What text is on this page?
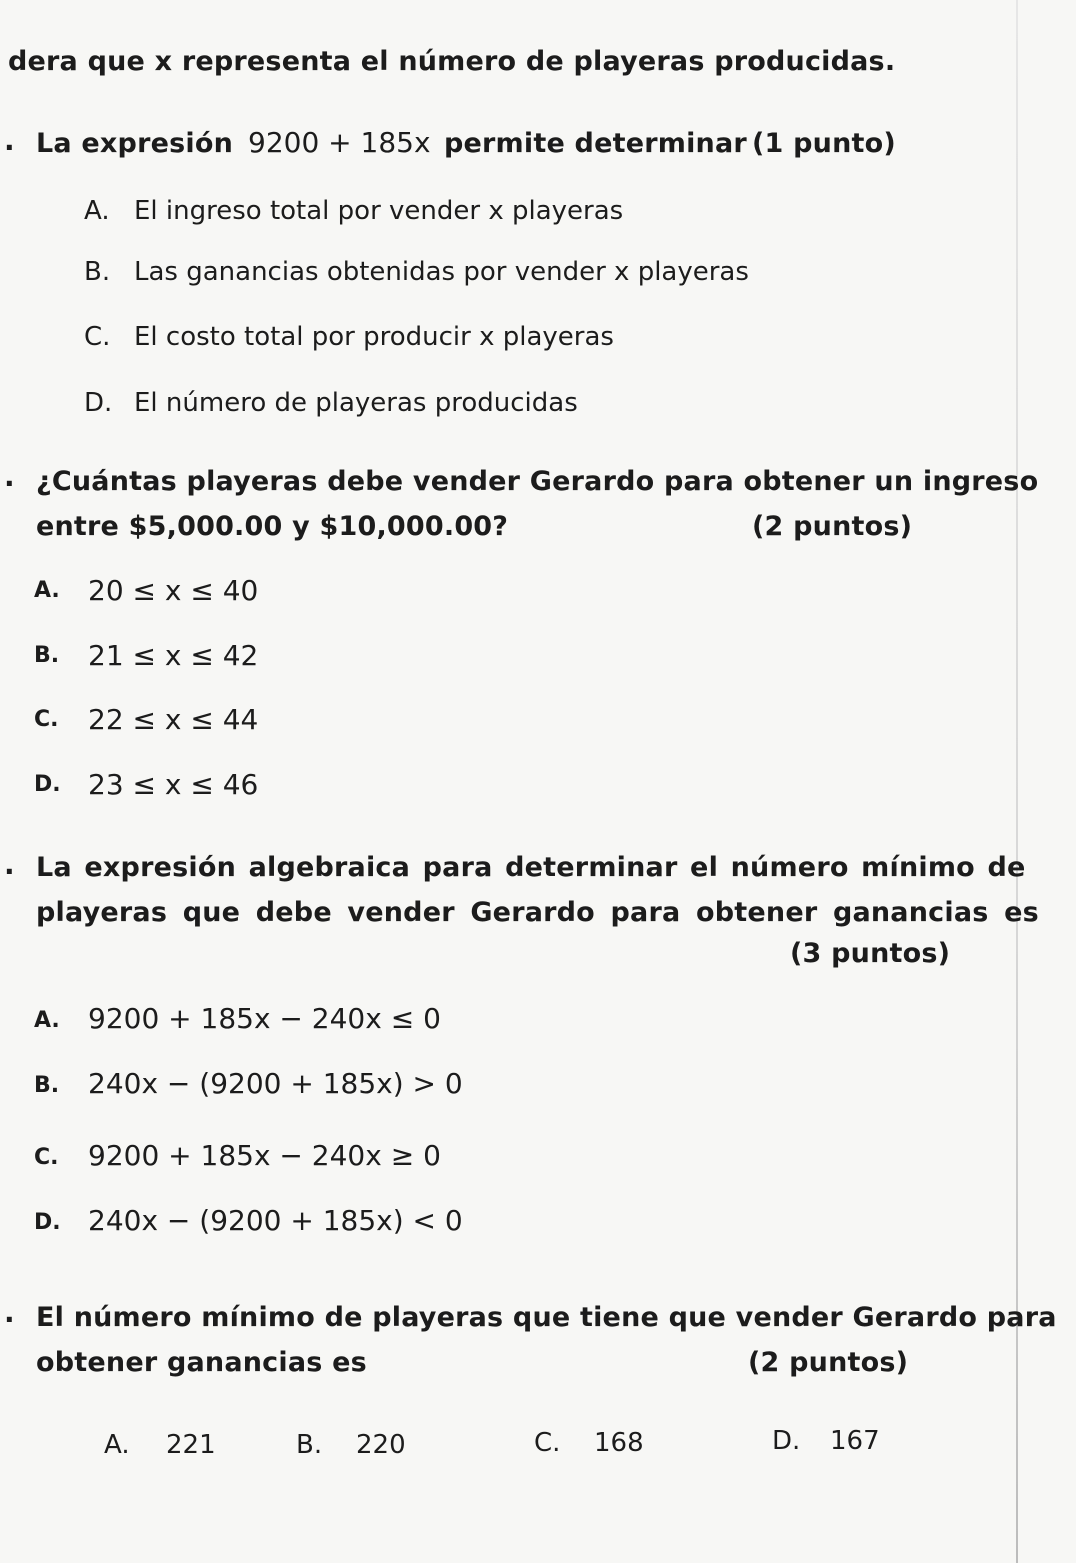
dera que x representa el número de playeras producidas.
. La expresión 9200 + 185x permite determinar (1 punto)
A. El ingreso total por vender x playeras
B. Las ganancias obtenidas por vender x playeras
C. El costo total por producir x playeras
D. El número de playeras producidas
. ¿Cuántas playeras debe vender Gerardo para obtener un ingreso
entre $5,000.00 y $10,000.00?	(2 puntos)
A. 20 ≤ x ≤ 40
B. 21 ≤ x ≤ 42
C. 22 ≤ x ≤ 44
D. 23 ≤ x ≤ 46
. La expresión algebraica para determinar el número mínimo de
playeras que debe vender Gerardo para obtener ganancias es
(3 puntos)
A. 9200 + 185x − 240x ≤ 0
B. 240x − (9200 + 185x) > 0
C. 9200 + 185x − 240x ≥ 0
D. 240x − (9200 + 185x) < 0
. El número mínimo de playeras que tiene que vender Gerardo para
obtener ganancias es	(2 puntos)
A. 221	B. 220	C. 168	D. 167
